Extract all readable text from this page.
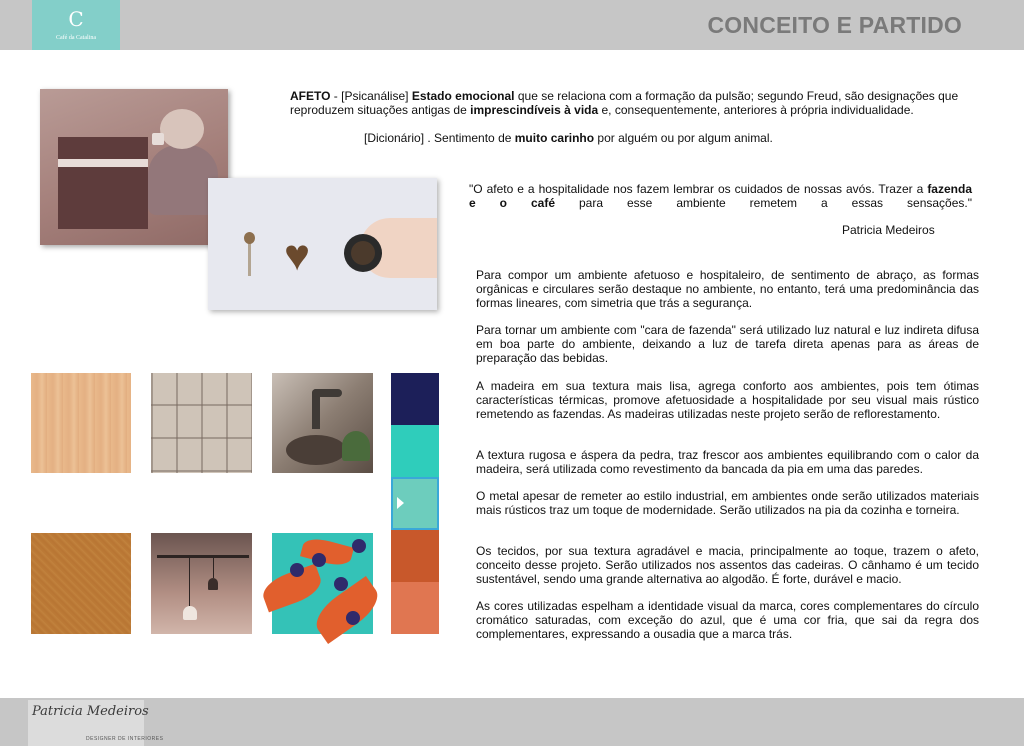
C
Café da Catalina	CONCEITO E PARTIDO
♥
AFETO - [Psicanálise] Estado emocional que se relaciona com a formação da pulsão; segundo Freud, são designações que reproduzem situações antigas de imprescindíveis à vida e, consequentemente, anteriores à própria individualidade.
[Dicionário] . Sentimento de muito carinho por alguém ou por algum animal.
"O afeto e a hospitalidade nos fazem lembrar os cuidados de nossas avós. Trazer a fazenda e o café para esse ambiente remetem a essas sensações."
Patricia Medeiros
Para compor um ambiente afetuoso e hospitaleiro, de sentimento de abraço, as formas orgânicas e circulares serão destaque no ambiente, no entanto, terá uma predominância das formas lineares, com simetria que trás a segurança.
Para tornar um ambiente com "cara de fazenda" será utilizado luz natural e luz indireta difusa em boa parte do ambiente, deixando a luz de tarefa direta apenas para as áreas de preparação das bebidas.
A madeira em sua textura mais lisa, agrega conforto aos ambientes, pois tem ótimas características térmicas, promove afetuosidade a hospitalidade por seu visual mais rústico remetendo as fazendas. As madeiras utilizadas neste projeto serão de reflorestamento.
A textura rugosa e áspera da pedra, traz frescor aos ambientes equilibrando com o calor da madeira, será utilizada como revestimento da bancada da pia em uma das paredes.
O metal apesar de remeter ao estilo industrial, em ambientes onde serão utilizados materiais mais rústicos traz um toque de modernidade. Serão utilizados na pia da cozinha e torneira.
Os tecidos, por sua textura agradável e macia, principalmente ao toque, trazem o afeto, conceito desse projeto. Serão utilizados nos assentos das cadeiras. O cânhamo é um tecido sustentável, sendo uma grande alternativa ao algodão. É forte, durável e macio.
As cores utilizadas espelham a identidade visual da marca, cores complementares do círculo cromático saturadas, com exceção do azul, que é uma cor fria, que sai da regra dos complementares, expressando a ousadia que a marca trás.
Patricia Medeiros
DESIGNER DE INTERIORES
